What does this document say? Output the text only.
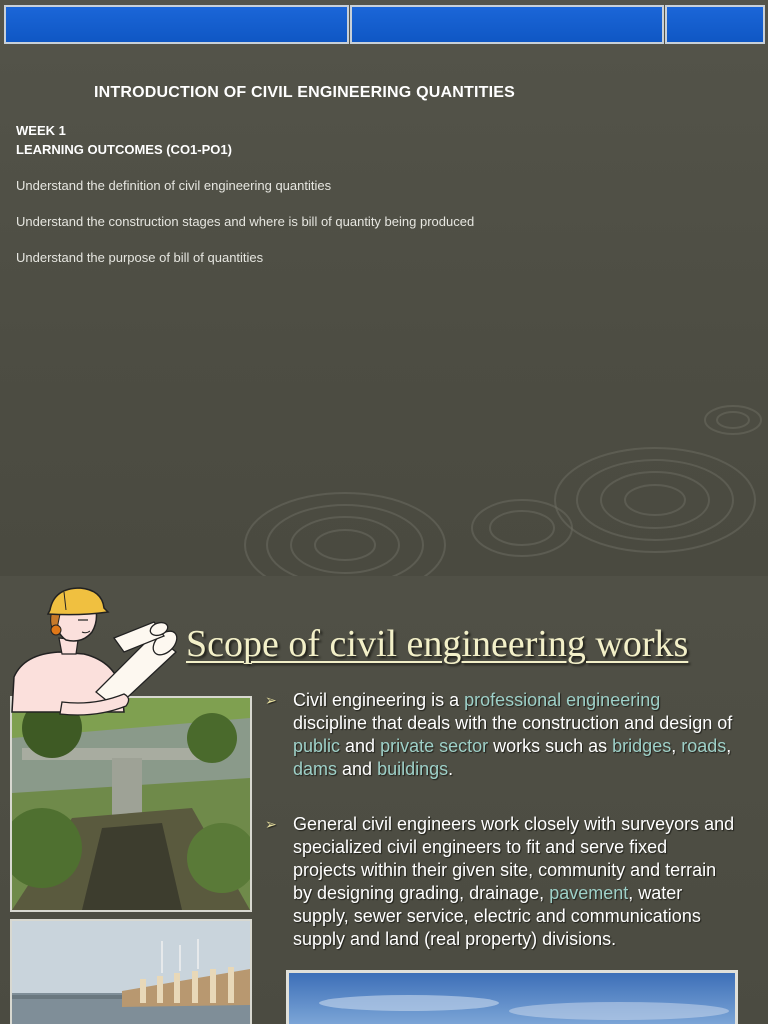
INTRODUCTION OF CIVIL ENGINEERING QUANTITIES
WEEK 1
LEARNING OUTCOMES (CO1-PO1)
Understand the definition of civil engineering quantities
Understand the construction stages and where is bill of quantity being produced
Understand the purpose of bill of quantities
Scope of civil engineering works
➢ Civil engineering is a professional engineering discipline that deals with the construction and design of public and private sector works such as bridges, roads, dams and buildings.
➢ General civil engineers work closely with surveyors and specialized civil engineers to fit and serve fixed projects within their given site, community and terrain by designing grading, drainage, pavement, water supply, sewer service, electric and communications supply and land (real property) divisions.
